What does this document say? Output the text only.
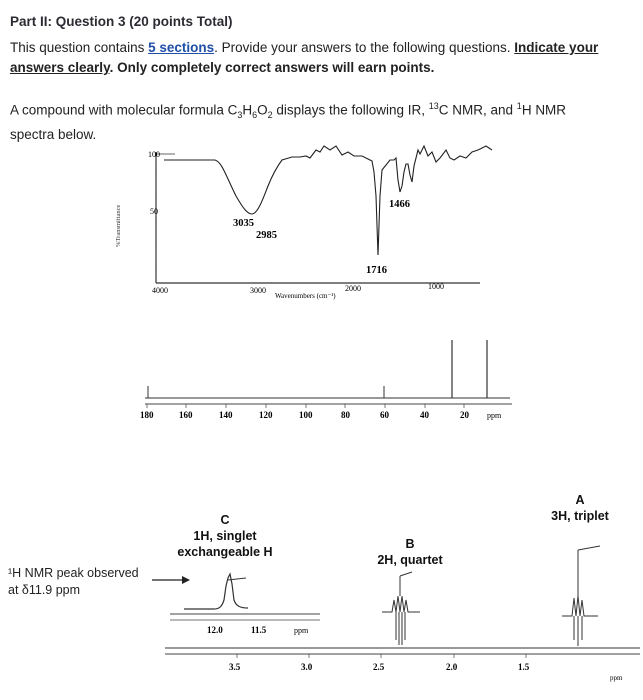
Part II: Question 3 (20 points Total)
This question contains 5 sections. Provide your answers to the following questions. Indicate your
answers clearly. Only completely correct answers will earn points.
A compound with molecular formula $C_3H_6O_2$ displays the following IR, $^{13}$C NMR, and $^1$H NMR
spectra below.
100
50
%Transmittance
4000	3000	2000	1000
Wavenumbers (cm⁻¹)
3035
2985
1466
1716
180	160	140	120	100	80	60	40	20 ppm
12.0	11.5	ppm
3.5	3.0	2.5	2.0	1.5
ppm
C
1H, singlet
exchangeable H
B
2H, quartet
A
3H, triplet
¹H NMR peak observed
at δ11.9 ppm
